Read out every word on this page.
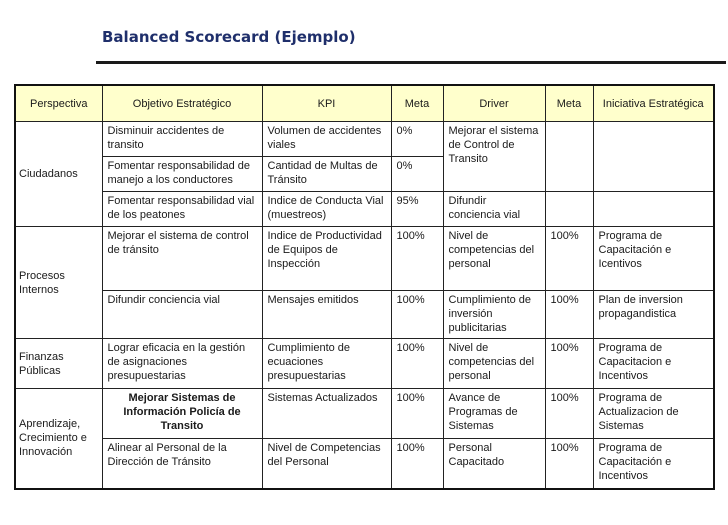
Balanced Scorecard (Ejemplo)
Perspectiva	Objetivo Estratégico	KPI	Meta	Driver	Meta	Iniciativa Estratégica
Ciudadanos	Disminuir accidentes de transito	Volumen de accidentes viales	0%	Mejorar el sistema de Control de Transito		
	Fomentar responsabilidad de manejo a los conductores	Cantidad de Multas de Tránsito	0%			
	Fomentar responsabilidad vial de los peatones	Indice de Conducta Vial (muestreos)	95%	Difundir conciencia vial		
Procesos Internos	Mejorar el sistema de control de tránsito	Indice de Productividad de Equipos de Inspección	100%	Nivel de competencias del personal	100%	Programa de Capacitación e Icentivos
	Difundir conciencia vial	Mensajes emitidos	100%	Cumplimiento de inversión publicitarias	100%	Plan de inversion propagandistica
Finanzas Públicas	Lograr eficacia en la gestión de asignaciones presupuestarias	Cumplimiento de ecuaciones presupuestarias	100%	Nivel de competencias del personal	100%	Programa de Capacitacion e Incentivos
Aprendizaje, Crecimiento e Innovación	Mejorar Sistemas de Información Policía de Transito	Sistemas Actualizados	100%	Avance de Programas de Sistemas	100%	Programa de Actualizacion de Sistemas
	Alinear al Personal de la Dirección de Tránsito	Nivel de Competencias del Personal	100%	Personal Capacitado	100%	Programa de Capacitación e Incentivos
